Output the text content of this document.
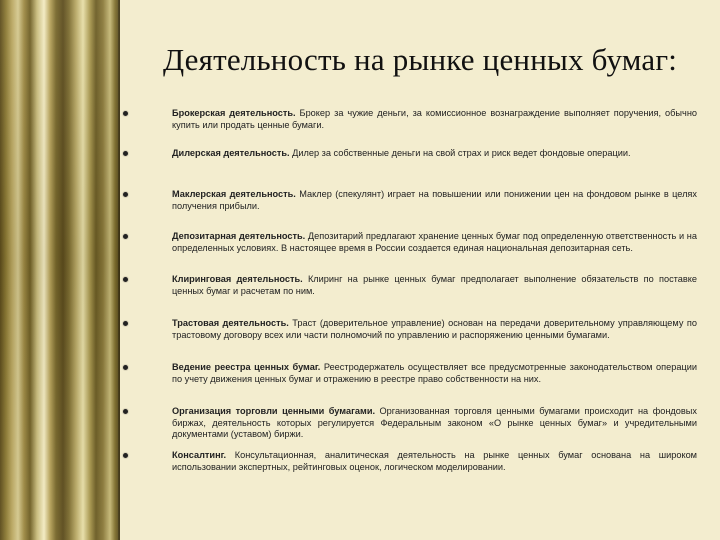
Деятельность на рынке ценных бумаг:
Брокерская деятельность. Брокер за чужие деньги, за комиссионное вознаграждение выполняет поручения, обычно купить или продать ценные бумаги.
Дилерская деятельность. Дилер за собственные деньги на свой страх и риск ведет фондовые операции.
Маклерская деятельность. Маклер (спекулянт) играет на повышении или понижении цен на фондовом рынке в целях получения прибыли.
Депозитарная деятельность. Депозитарий предлагают хранение ценных бумаг под определенную ответственность и на определенных условиях. В настоящее время в России создается единая национальная депозитарная сеть.
Клиринговая деятельность. Клиринг на рынке ценных бумаг предполагает выполнение обязательств по поставке ценных бумаг и расчетам по ним.
Трастовая деятельность. Траст (доверительное управление) основан на передачи доверительному управляющему по трастовому договору всех или части полномочий по управлению и распоряжению ценными бумагами.
Ведение реестра ценных бумаг. Реестродержатель осуществляет все предусмотренные законодательством операции по учету движения ценных бумаг и отражению в реестре право собственности на них.
Организация торговли ценными бумагами. Организованная торговля ценными бумагами происходит на фондовых биржах, деятельность которых регулируется Федеральным законом «О рынке ценных бумаг» и учредительными документами (уставом) биржи.
Консалтинг. Консультационная, аналитическая деятельность на рынке ценных бумаг основана на широком использовании экспертных, рейтинговых оценок, логическом моделировании.
